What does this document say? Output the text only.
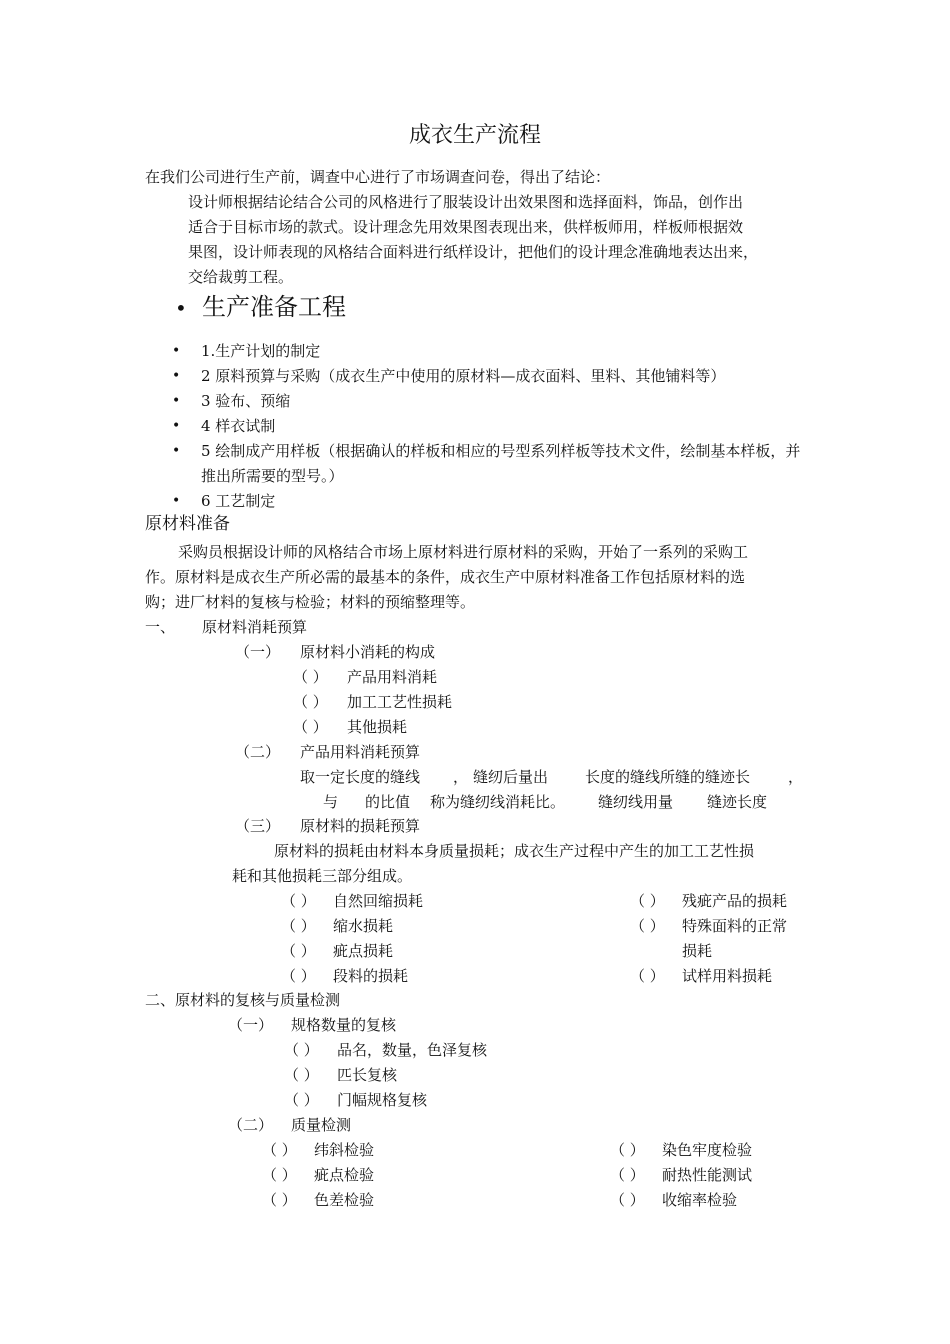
成衣生产流程
在我们公司进行生产前，调查中心进行了市场调查问卷，得出了结论：
设计师根据结论结合公司的风格进行了服装设计出效果图和选择面料，饰品，创作出
适合于目标市场的款式。设计理念先用效果图表现出来，供样板师用，样板师根据效
果图，设计师表现的风格结合面料进行纸样设计，把他们的设计理念准确地表达出来，
交给裁剪工程。
• 生产准备工程
• 1.生产计划的制定
• 2 原料预算与采购（成衣生产中使用的原材料—成衣面料、里料、其他铺料等）
• 3 验布、预缩
• 4 样衣试制
• 5 绘制成产用样板（根据确认的样板和相应的号型系列样板等技术文件，绘制基本样板，并推出所需要的型号。）
• 6 工艺制定
原材料准备
采购员根据设计师的风格结合市场上原材料进行原材料的采购，开始了一系列的采购工
作。原材料是成衣生产所必需的最基本的条件，成衣生产中原材料准备工作包括原材料的选
购；进厂材料的复核与检验；材料的预缩整理等。
一、 原材料消耗预算
（一） 原材料小消耗的构成
（ ） 产品用料消耗
（ ） 加工工艺性损耗
（ ） 其他损耗
（二） 产品用料消耗预算
取一定长度的缝线 ， 缝纫后量出 长度的缝线所缝的缝迹长	，
与 的比值 称为缝纫线消耗比。 缝纫线用量 缝迹长度
（三） 原材料的损耗预算
原材料的损耗由材料本身质量损耗；成衣生产过程中产生的加工工艺性损
耗和其他损耗三部分组成。
（ ） 自然回缩损耗
（ ） 缩水损耗
（ ） 疵点损耗
（ ） 段料的损耗
（ ） 残疵产品的损耗
（ ） 特殊面料的正常
损耗
（ ） 试样用料损耗
二、原材料的复核与质量检测
（一） 规格数量的复核
（ ） 品名，数量，色泽复核
（ ） 匹长复核
（ ） 门幅规格复核
（二） 质量检测
（ ） 纬斜检验
（ ） 疵点检验
（ ） 色差检验
（ ） 染色牢度检验
（ ） 耐热性能测试
（ ） 收缩率检验
